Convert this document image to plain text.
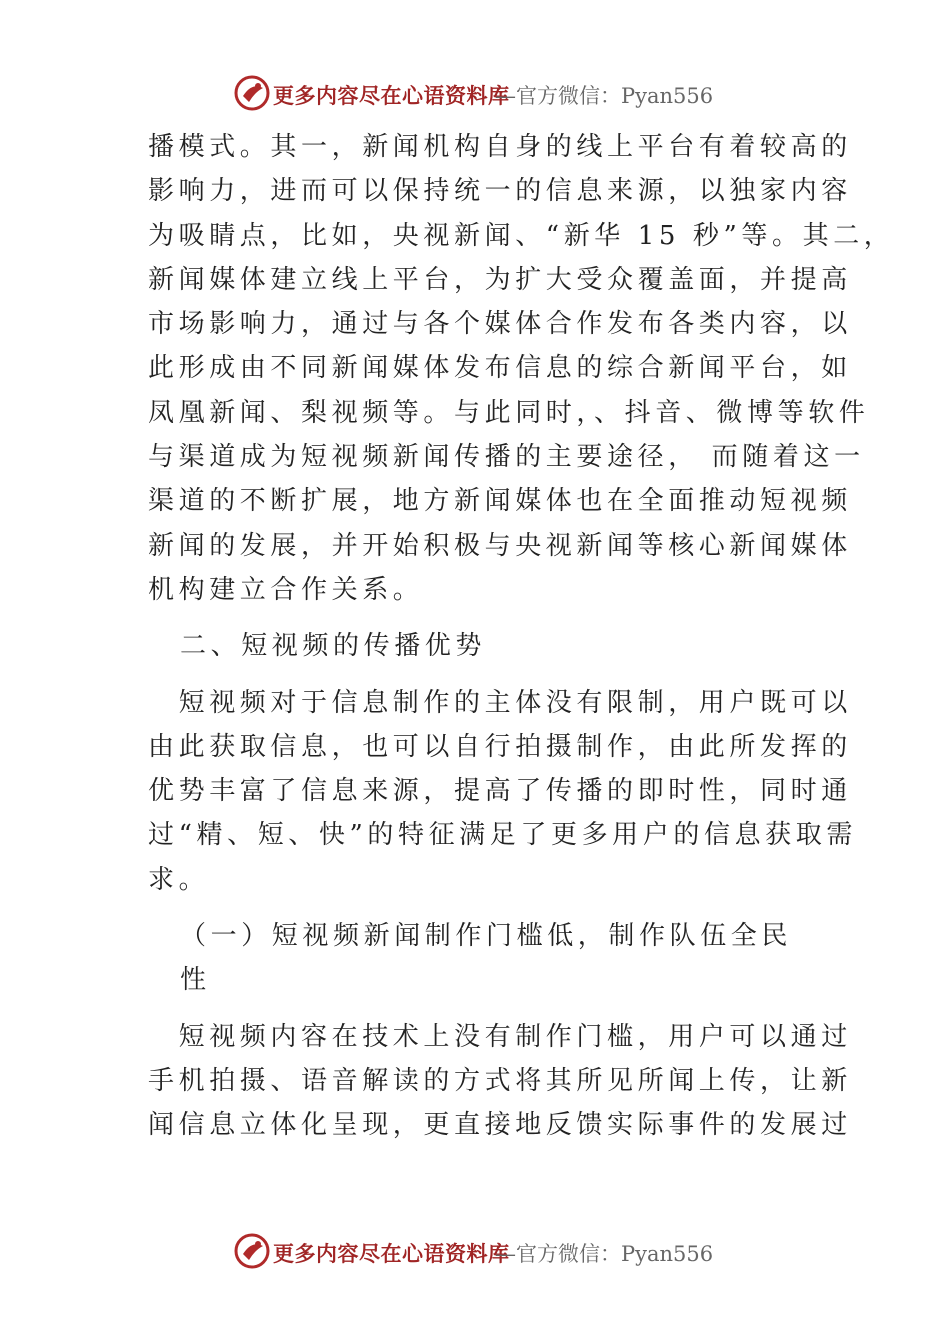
更多内容尽在心语资料库
—官方微信：Pyan556
播模式。其一，新闻机构自身的线上平台有着较高的
影响力，进而可以保持统一的信息来源，以独家内容
为吸睛点，比如，央视新闻、“新华 15 秒”等。其二，
新闻媒体建立线上平台，为扩大受众覆盖面，并提高
市场影响力，通过与各个媒体合作发布各类内容，以
此形成由不同新闻媒体发布信息的综合新闻平台，如
凤凰新闻、梨视频等。与此同时，、抖音、微博等软件
与渠道成为短视频新闻传播的主要途径， 而随着这一
渠道的不断扩展，地方新闻媒体也在全面推动短视频
新闻的发展，并开始积极与央视新闻等核心新闻媒体
机构建立合作关系。
二、短视频的传播优势
　短视频对于信息制作的主体没有限制，用户既可以
由此获取信息，也可以自行拍摄制作，由此所发挥的
优势丰富了信息来源，提高了传播的即时性，同时通
过“精、短、快”的特征满足了更多用户的信息获取需
求。
（一）短视频新闻制作门槛低，制作队伍全民性
　短视频内容在技术上没有制作门槛，用户可以通过
手机拍摄、语音解读的方式将其所见所闻上传，让新
闻信息立体化呈现，更直接地反馈实际事件的发展过
更多内容尽在心语资料库
—官方微信：Pyan556
